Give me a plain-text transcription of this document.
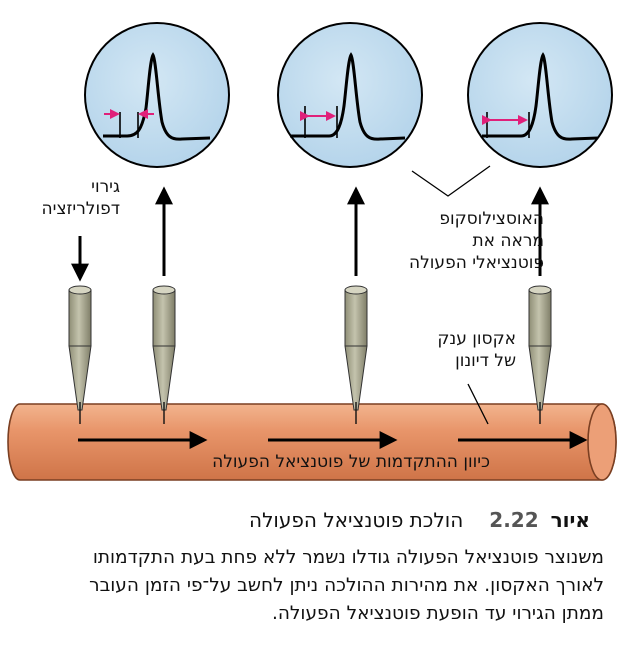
גירוי
דפולריזציה	האוסצילוסקופ
מראה את
פוטנציאלי הפעולה
אקסון ענק
של דיונון
כיוון ההתקדמות של פוטנציאל הפעולה
איור2.22הולכת פוטנציאל הפעולה
משנוצר פוטנציאל הפעולה גודלו נשמר ללא פחת בעת התקדמותו
לאורך האקסון. את מהירות ההולכה ניתן לחשב על־פי הזמן העובר
ממתן הגירוי עד הופעת פוטנציאל הפעולה.
